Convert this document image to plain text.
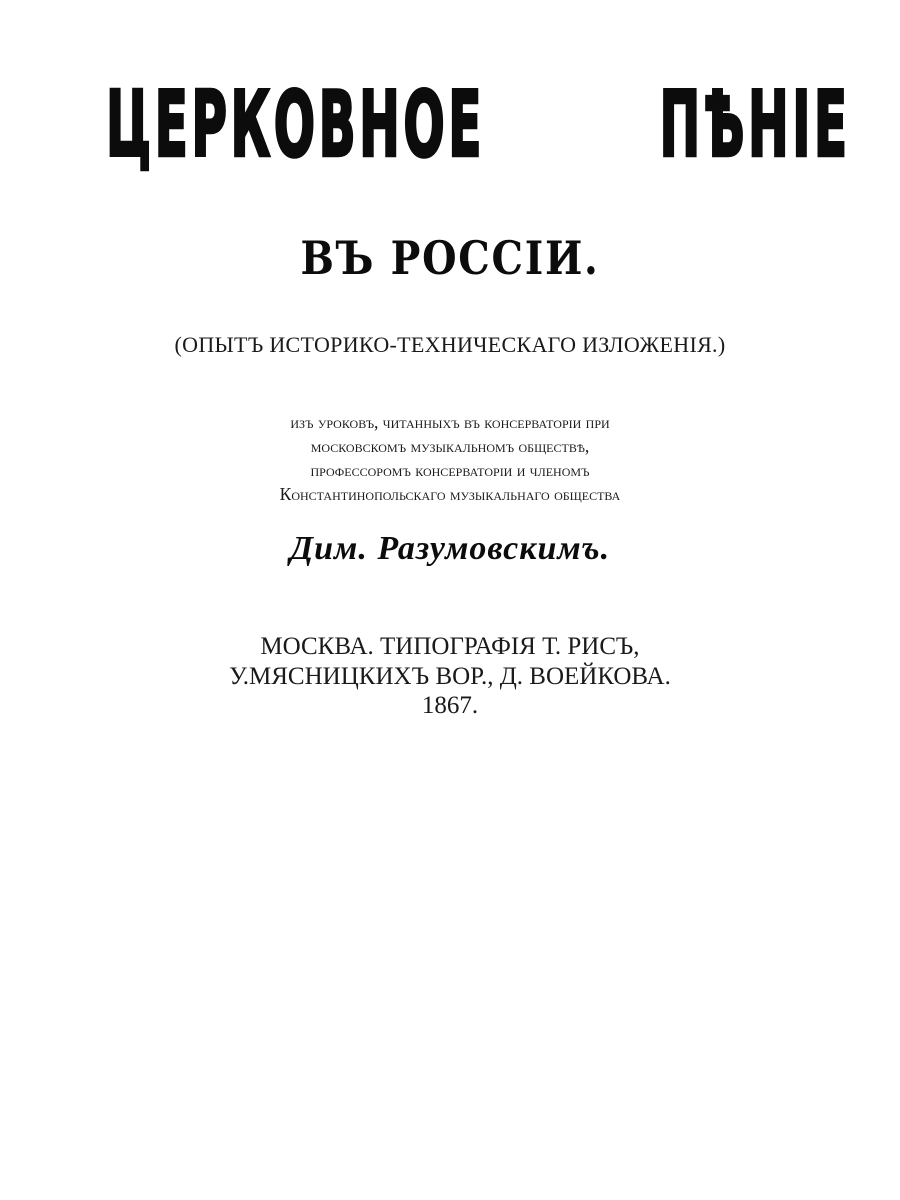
ЦЕРКОВНОЕ ПѢНІЕ
ВЪ РОССІИ.
(ОПЫТЪ ИСТОРИКО-ТЕХНИЧЕСКАГО ИЗЛОЖЕНІЯ.)
изъ уроковъ, читанныхъ въ консерваторіи при
московскомъ музыкальномъ обществѣ,
профессоромъ консерваторіи и членомъ
Константинопольскаго музыкальнаго общества
Дим. Разумовскимъ.
МОСКВА. ТИПОГРАФІЯ Т. РИСЪ,
У.МЯСНИЦКИХЪ ВОР., Д. ВОЕЙКОВА.
1867.
